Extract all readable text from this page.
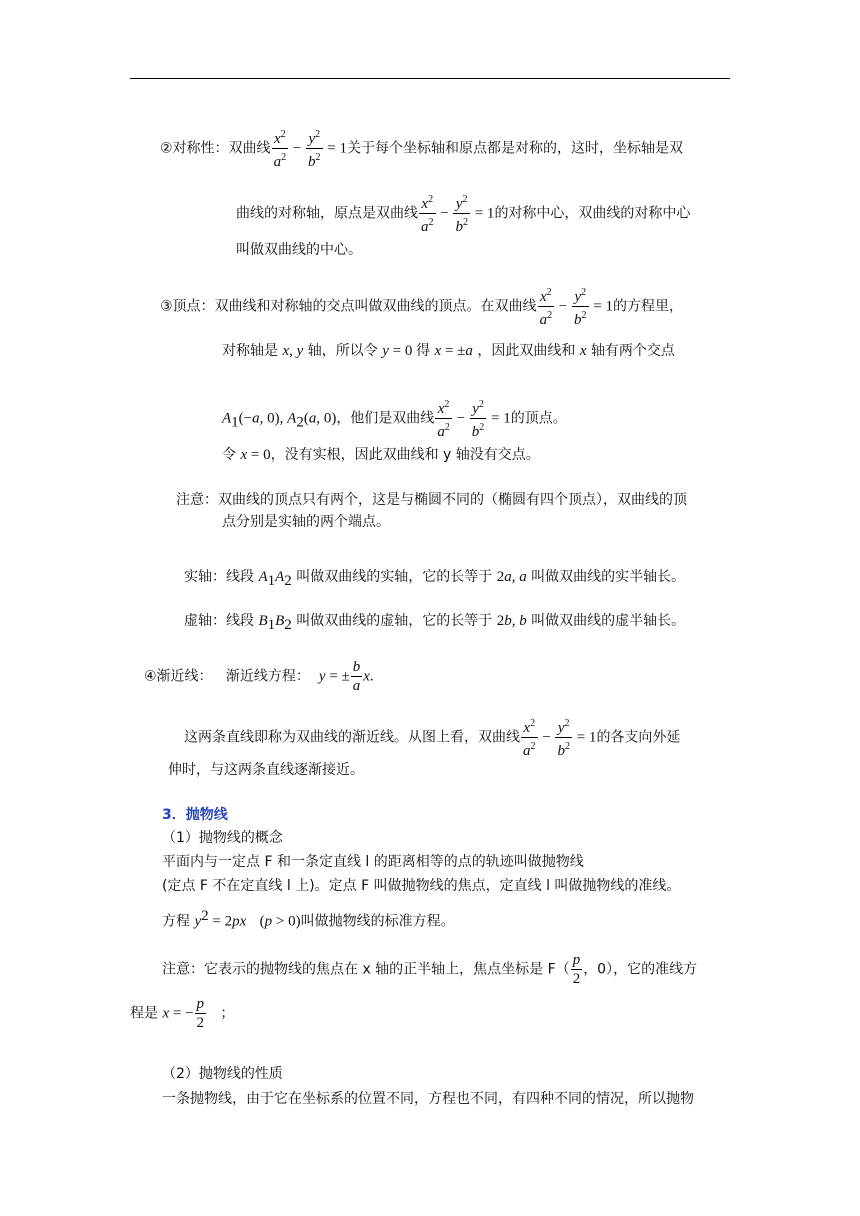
②对称性：双曲线 $\frac{x^2}{a^2} - \frac{y^2}{b^2} = 1$关于每个坐标轴和原点都是对称的，这时，坐标轴是双
曲线的对称轴，原点是双曲线 $\frac{x^2}{a^2} - \frac{y^2}{b^2} = 1$的对称中心，双曲线的对称中心
叫做双曲线的中心。
③顶点：双曲线和对称轴的交点叫做双曲线的顶点。在双曲线 $\frac{x^2}{a^2} - \frac{y^2}{b^2} = 1$的方程里，
对称轴是 x, y 轴，所以令 y = 0 得 x = ±a ，因此双曲线和 x 轴有两个交点
$A_1(-a$, 0), $A_2(a$, 0)，他们是双曲线 $\frac{x^2}{a^2} - \frac{y^2}{b^2} = 1$的顶点。
令 x = 0，没有实根，因此双曲线和 y 轴没有交点。
注意：双曲线的顶点只有两个，这是与椭圆不同的（椭圆有四个顶点），双曲线的顶
点分别是实轴的两个端点。
实轴：线段 $A_1A_2$ 叫做双曲线的实轴，它的长等于 2a, a 叫做双曲线的实半轴长。
虚轴：线段 $B_1B_2$ 叫做双曲线的虚轴，它的长等于 2b, b 叫做双曲线的虚半轴长。
④渐近线： 渐近线方程： y = ± $\frac{b}{a} x$.
这两条直线即称为双曲线的渐近线。从图上看，双曲线 $\frac{x^2}{a^2} - \frac{y^2}{b^2} = 1$的各支向外延
伸时，与这两条直线逐渐接近。
3．抛物线
（1）抛物线的概念
平面内与一定点 F 和一条定直线 l 的距离相等的点的轨迹叫做抛物线
(定点 F 不在定直线 l 上)。定点 F 叫做抛物线的焦点，定直线 l 叫做抛物线的准线。
方程 $y^2 = 2px$ (p > 0)叫做抛物线的标准方程。
注意：它表示的抛物线的焦点在 x 轴的正半轴上，焦点坐标是 $F( \frac{p}{2}$ ，0），它的准线方
程是 x = − $\frac{p}{2}$ ；
（2）抛物线的性质
一条抛物线，由于它在坐标系的位置不同，方程也不同，有四种不同的情况，所以抛物
